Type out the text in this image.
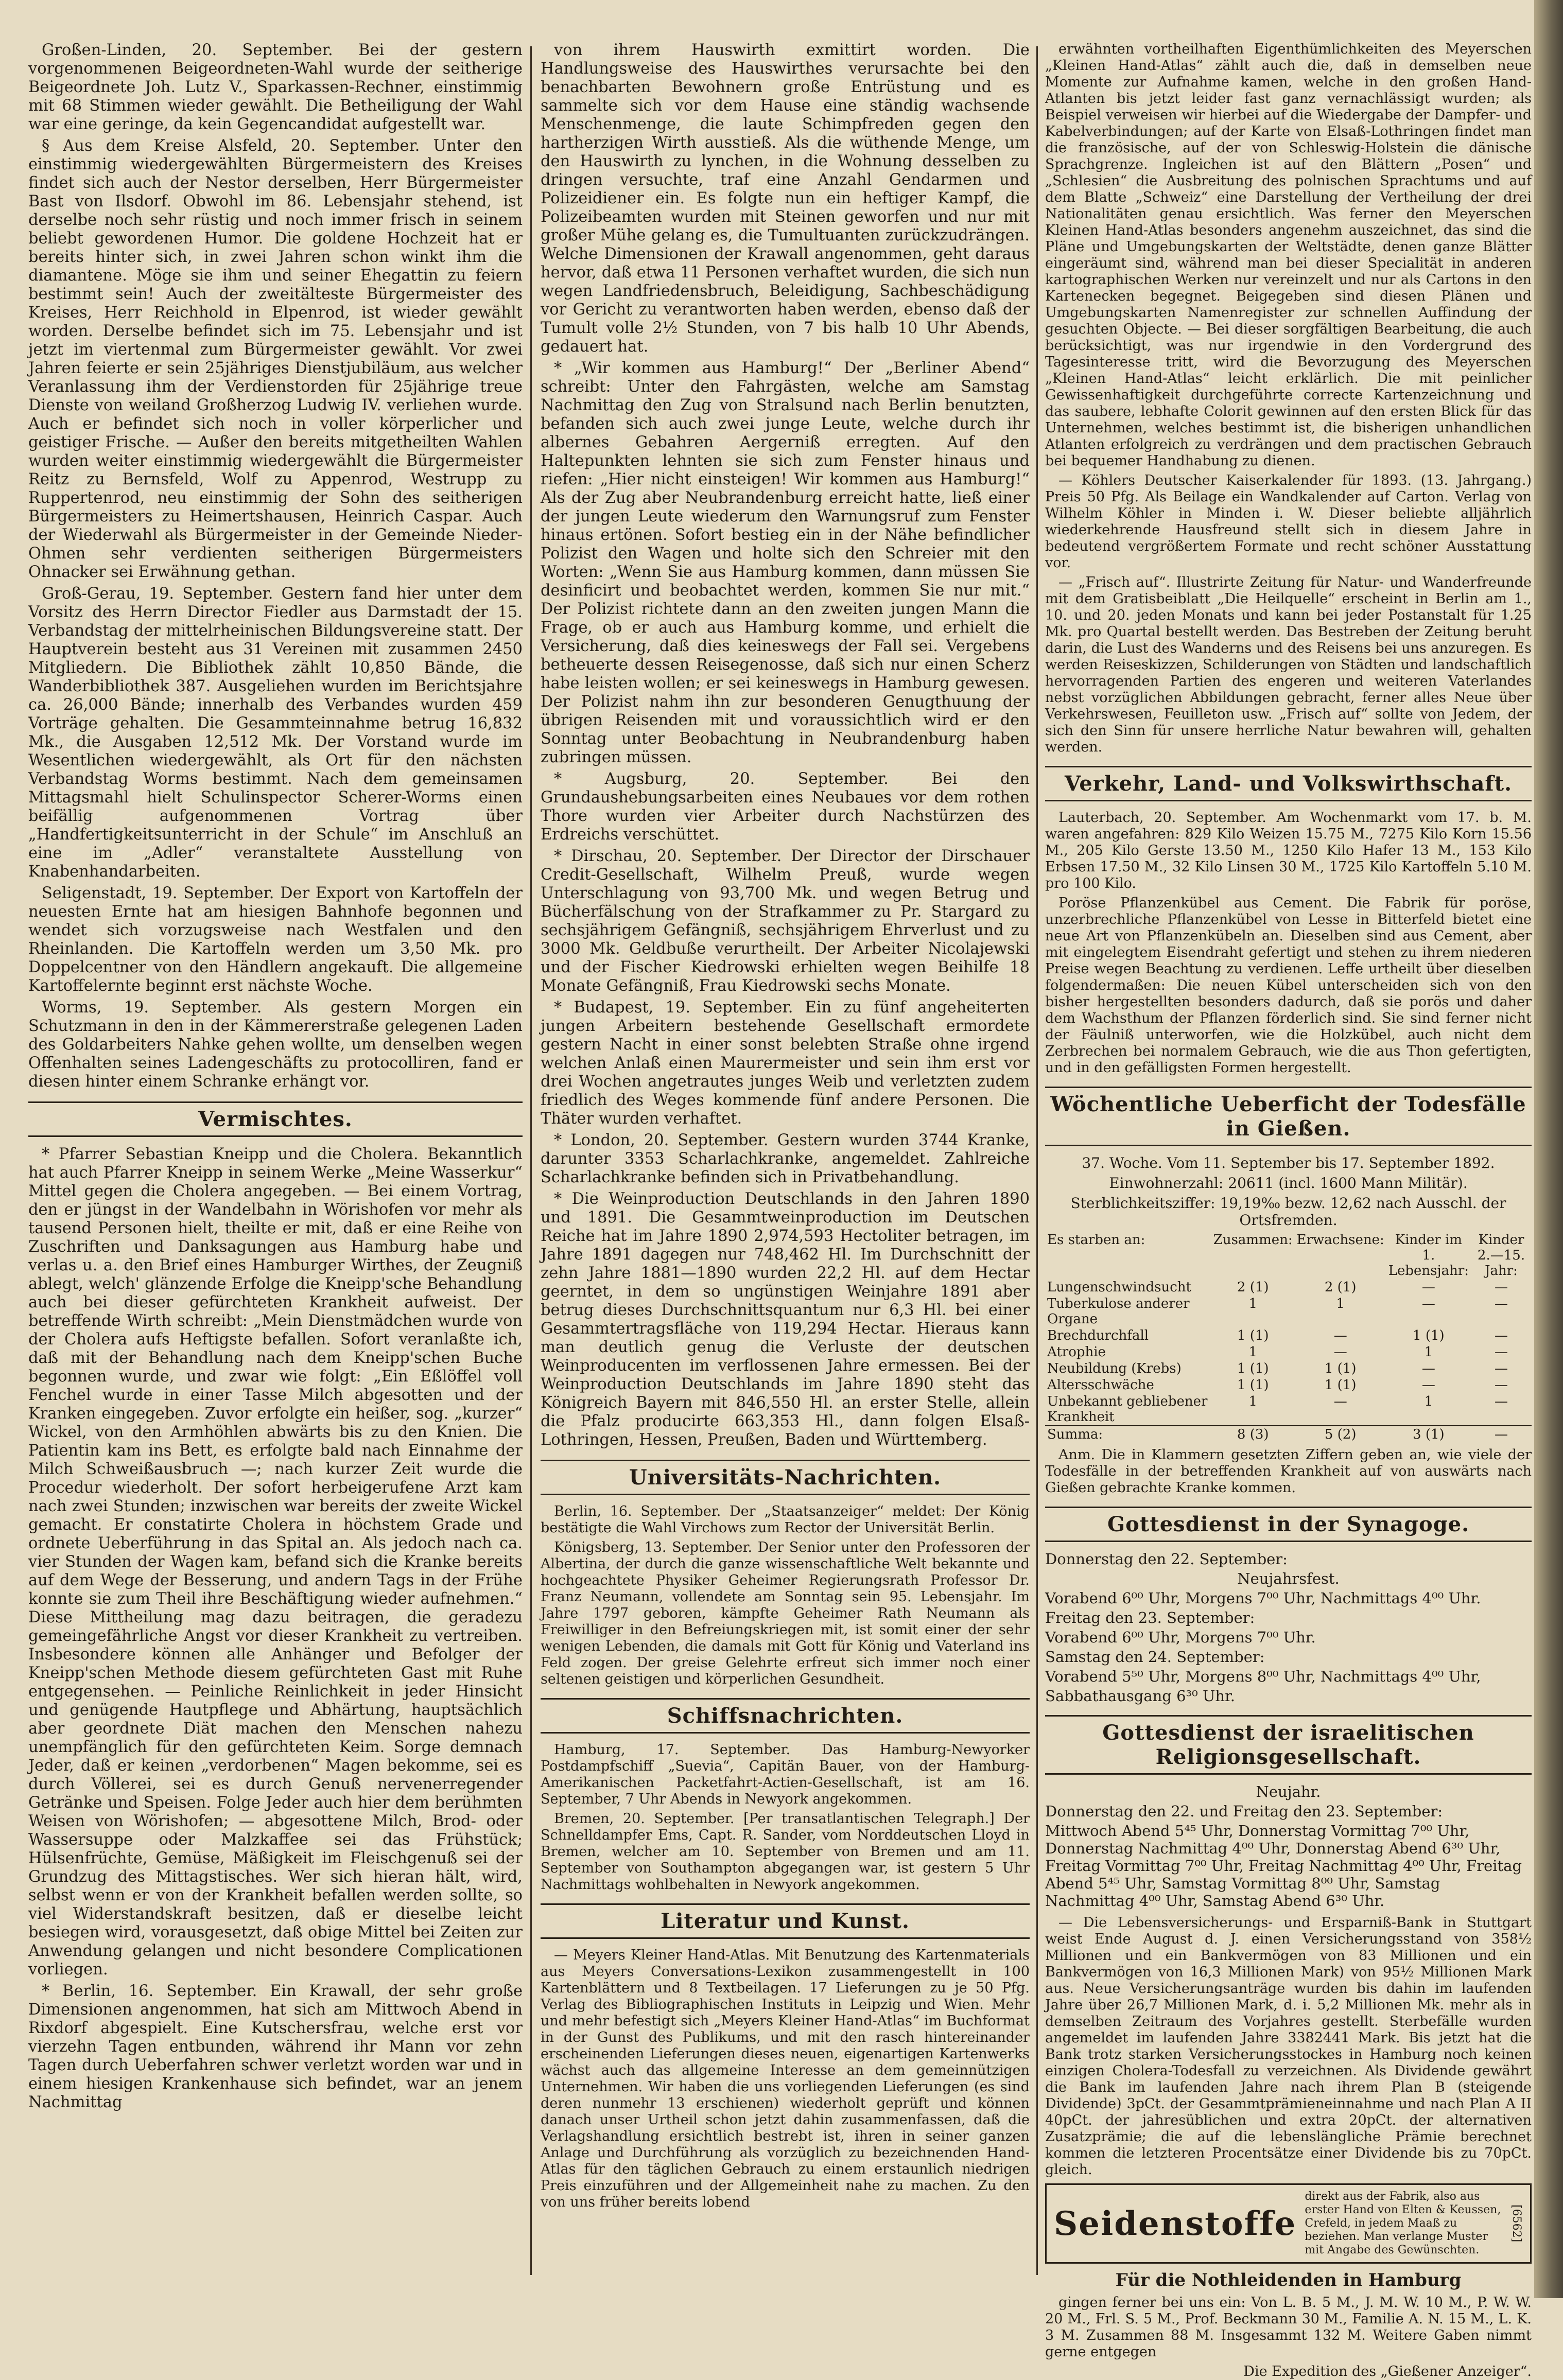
Großen-Linden, 20. September. Bei der gestern vorgenommenen Beigeordneten-Wahl wurde der seitherige Beigeordnete Joh. Lutz V., Sparkassen-Rechner, einstimmig mit 68 Stimmen wieder gewählt. Die Betheiligung der Wahl war eine geringe, da kein Gegencandidat aufgestellt war.

§ Aus dem Kreise Alsfeld, 20. September. Unter den einstimmig wiedergewählten Bürgermeistern des Kreises findet sich auch der Nestor derselben, Herr Bürgermeister Bast von Ilsdorf. Obwohl im 86. Lebensjahr stehend, ist derselbe noch sehr rüstig und noch immer frisch in seinem beliebt gewordenen Humor. Die goldene Hochzeit hat er bereits hinter sich, in zwei Jahren schon winkt ihm die diamantene. Möge sie ihm und seiner Ehegattin zu feiern bestimmt sein! Auch der zweitälteste Bürgermeister des Kreises, Herr Reichhold in Elpenrod, ist wieder gewählt worden. Derselbe befindet sich im 75. Lebensjahr und ist jetzt im viertenmal zum Bürgermeister gewählt. Vor zwei Jahren feierte er sein 25jähriges Dienstjubiläum, aus welcher Veranlassung ihm der Verdienstorden für 25jährige treue Dienste von weiland Großherzog Ludwig IV. verliehen wurde. Auch er befindet sich noch in voller körperlicher und geistiger Frische. — Außer den bereits mitgetheilten Wahlen wurden weiter einstimmig wiedergewählt die Bürgermeister Reitz zu Bernsfeld, Wolf zu Appenrod, Westrupp zu Ruppertenrod, neu einstimmig der Sohn des seitherigen Bürgermeisters zu Heimertshausen, Heinrich Caspar. Auch der Wiederwahl als Bürgermeister in der Gemeinde Nieder-Ohmen sehr verdienten seitherigen Bürgermeisters Ohnacker sei Erwähnung gethan.

Groß-Gerau, 19. September. Gestern fand hier unter dem Vorsitz des Herrn Director Fiedler aus Darmstadt der 15. Verbandstag der mittelrheinischen Bildungsvereine statt. Der Hauptverein besteht aus 31 Vereinen mit zusammen 2450 Mitgliedern. Die Bibliothek zählt 10,850 Bände, die Wanderbibliothek 387. Ausgeliehen wurden im Berichtsjahre ca. 26,000 Bände; innerhalb des Verbandes wurden 459 Vorträge gehalten. Die Gesammteinnahme betrug 16,832 Mk., die Ausgaben 12,512 Mk. Der Vorstand wurde im Wesentlichen wiedergewählt, als Ort für den nächsten Verbandstag Worms bestimmt. Nach dem gemeinsamen Mittagsmahl hielt Schulinspector Scherer-Worms einen beifällig aufgenommenen Vortrag über „Handfertigkeitsunterricht in der Schule“ im Anschluß an eine im „Adler“ veranstaltete Ausstellung von Knabenhandarbeiten.

Seligenstadt, 19. September. Der Export von Kartoffeln der neuesten Ernte hat am hiesigen Bahnhofe begonnen und wendet sich vorzugsweise nach Westfalen und den Rheinlanden. Die Kartoffeln werden um 3,50 Mk. pro Doppelcentner von den Händlern angekauft. Die allgemeine Kartoffelernte beginnt erst nächste Woche.

Worms, 19. September. Als gestern Morgen ein Schutzmann in den in der Kämmererstraße gelegenen Laden des Goldarbeiters Nahke gehen wollte, um denselben wegen Offenhalten seines Ladengeschäfts zu protocolliren, fand er diesen hinter einem Schranke erhängt vor.

Vermischtes.

* Pfarrer Sebastian Kneipp und die Cholera. Bekanntlich hat auch Pfarrer Kneipp in seinem Werke „Meine Wasserkur“ Mittel gegen die Cholera angegeben. — Bei einem Vortrag, den er jüngst in der Wandelbahn in Wörishofen vor mehr als tausend Personen hielt, theilte er mit, daß er eine Reihe von Zuschriften und Danksagungen aus Hamburg habe und verlas u. a. den Brief eines Hamburger Wirthes, der Zeugniß ablegt, welch' glänzende Erfolge die Kneipp'sche Behandlung auch bei dieser gefürchteten Krankheit aufweist. Der betreffende Wirth schreibt: „Mein Dienstmädchen wurde von der Cholera aufs Heftigste befallen. Sofort veranlaßte ich, daß mit der Behandlung nach dem Kneipp'schen Buche begonnen wurde, und zwar wie folgt: „Ein Eßlöffel voll Fenchel wurde in einer Tasse Milch abgesotten und der Kranken eingegeben. Zuvor erfolgte ein heißer, sog. „kurzer“ Wickel, von den Armhöhlen abwärts bis zu den Knien. Die Patientin kam ins Bett, es erfolgte bald nach Einnahme der Milch Schweißausbruch —; nach kurzer Zeit wurde die Procedur wiederholt. Der sofort herbeigerufene Arzt kam nach zwei Stunden; inzwischen war bereits der zweite Wickel gemacht. Er constatirte Cholera in höchstem Grade und ordnete Ueberführung in das Spital an. Als jedoch nach ca. vier Stunden der Wagen kam, befand sich die Kranke bereits auf dem Wege der Besserung, und andern Tags in der Frühe konnte sie zum Theil ihre Beschäftigung wieder aufnehmen.“ Diese Mittheilung mag dazu beitragen, die geradezu gemeingefährliche Angst vor dieser Krankheit zu vertreiben. Insbesondere können alle Anhänger und Befolger der Kneipp'schen Methode diesem gefürchteten Gast mit Ruhe entgegensehen. — Peinliche Reinlichkeit in jeder Hinsicht und genügende Hautpflege und Abhärtung, hauptsächlich aber geordnete Diät machen den Menschen nahezu unempfänglich für den gefürchteten Keim. Sorge demnach Jeder, daß er keinen „verdorbenen“ Magen bekomme, sei es durch Völlerei, sei es durch Genuß nervenerregender Getränke und Speisen. Folge Jeder auch hier dem berühmten Weisen von Wörishofen; — abgesottene Milch, Brod- oder Wassersuppe oder Malzkaffee sei das Frühstück; Hülsenfrüchte, Gemüse, Mäßigkeit im Fleischgenuß sei der Grundzug des Mittagstisches. Wer sich hieran hält, wird, selbst wenn er von der Krankheit befallen werden sollte, so viel Widerstandskraft besitzen, daß er dieselbe leicht besiegen wird, vorausgesetzt, daß obige Mittel bei Zeiten zur Anwendung gelangen und nicht besondere Complicationen vorliegen.

* Berlin, 16. September. Ein Krawall, der sehr große Dimensionen angenommen, hat sich am Mittwoch Abend in Rixdorf abgespielt. Eine Kutschersfrau, welche erst vor vierzehn Tagen entbunden, während ihr Mann vor zehn Tagen durch Ueberfahren schwer verletzt worden war und in einem hiesigen Krankenhause sich befindet, war an jenem Nachmittag

von ihrem Hauswirth exmittirt worden. Die Handlungsweise des Hauswirthes verursachte bei den benachbarten Bewohnern große Entrüstung und es sammelte sich vor dem Hause eine ständig wachsende Menschenmenge, die laute Schimpfreden gegen den hartherzigen Wirth ausstieß. Als die wüthende Menge, um den Hauswirth zu lynchen, in die Wohnung desselben zu dringen versuchte, traf eine Anzahl Gendarmen und Polizeidiener ein. Es folgte nun ein heftiger Kampf, die Polizeibeamten wurden mit Steinen geworfen und nur mit großer Mühe gelang es, die Tumultuanten zurückzudrängen. Welche Dimensionen der Krawall angenommen, geht daraus hervor, daß etwa 11 Personen verhaftet wurden, die sich nun wegen Landfriedensbruch, Beleidigung, Sachbeschädigung vor Gericht zu verantworten haben werden, ebenso daß der Tumult volle 2½ Stunden, von 7 bis halb 10 Uhr Abends, gedauert hat.

* „Wir kommen aus Hamburg!“ Der „Berliner Abend“ schreibt: Unter den Fahrgästen, welche am Samstag Nachmittag den Zug von Stralsund nach Berlin benutzten, befanden sich auch zwei junge Leute, welche durch ihr albernes Gebahren Aergerniß erregten. Auf den Haltepunkten lehnten sie sich zum Fenster hinaus und riefen: „Hier nicht einsteigen! Wir kommen aus Hamburg!“ Als der Zug aber Neubrandenburg erreicht hatte, ließ einer der jungen Leute wiederum den Warnungsruf zum Fenster hinaus ertönen. Sofort bestieg ein in der Nähe befindlicher Polizist den Wagen und holte sich den Schreier mit den Worten: „Wenn Sie aus Hamburg kommen, dann müssen Sie desinficirt und beobachtet werden, kommen Sie nur mit.“ Der Polizist richtete dann an den zweiten jungen Mann die Frage, ob er auch aus Hamburg komme, und erhielt die Versicherung, daß dies keineswegs der Fall sei. Vergebens betheuerte dessen Reisegenosse, daß sich nur einen Scherz habe leisten wollen; er sei keineswegs in Hamburg gewesen. Der Polizist nahm ihn zur besonderen Genugthuung der übrigen Reisenden mit und voraussichtlich wird er den Sonntag unter Beobachtung in Neubrandenburg haben zubringen müssen.

* Augsburg, 20. September. Bei den Grundaushebungsarbeiten eines Neubaues vor dem rothen Thore wurden vier Arbeiter durch Nachstürzen des Erdreichs verschüttet.

* Dirschau, 20. September. Der Director der Dirschauer Credit-Gesellschaft, Wilhelm Preuß, wurde wegen Unterschlagung von 93,700 Mk. und wegen Betrug und Bücherfälschung von der Strafkammer zu Pr. Stargard zu sechsjährigem Gefängniß, sechsjährigem Ehrverlust und zu 3000 Mk. Geldbuße verurtheilt. Der Arbeiter Nicolajewski und der Fischer Kiedrowski erhielten wegen Beihilfe 18 Monate Gefängniß, Frau Kiedrowski sechs Monate.

* Budapest, 19. September. Ein zu fünf angeheiterten jungen Arbeitern bestehende Gesellschaft ermordete gestern Nacht in einer sonst belebten Straße ohne irgend welchen Anlaß einen Maurermeister und sein ihm erst vor drei Wochen angetrautes junges Weib und verletzten zudem friedlich des Weges kommende fünf andere Personen. Die Thäter wurden verhaftet.

* London, 20. September. Gestern wurden 3744 Kranke, darunter 3353 Scharlachkranke, angemeldet. Zahlreiche Scharlachkranke befinden sich in Privatbehandlung.

* Die Weinproduction Deutschlands in den Jahren 1890 und 1891. Die Gesammtweinproduction im Deutschen Reiche hat im Jahre 1890 2,974,593 Hectoliter betragen, im Jahre 1891 dagegen nur 748,462 Hl. Im Durchschnitt der zehn Jahre 1881—1890 wurden 22,2 Hl. auf dem Hectar geerntet, in dem so ungünstigen Weinjahre 1891 aber betrug dieses Durchschnittsquantum nur 6,3 Hl. bei einer Gesammtertragsfläche von 119,294 Hectar. Hieraus kann man deutlich genug die Verluste der deutschen Weinproducenten im verflossenen Jahre ermessen. Bei der Weinproduction Deutschlands im Jahre 1890 steht das Königreich Bayern mit 846,550 Hl. an erster Stelle, allein die Pfalz producirte 663,353 Hl., dann folgen Elsaß-Lothringen, Hessen, Preußen, Baden und Württemberg.

Universitäts-Nachrichten.

Berlin, 16. September. Der „Staatsanzeiger“ meldet: Der König bestätigte die Wahl Virchows zum Rector der Universität Berlin.

Königsberg, 13. September. Der Senior unter den Professoren der Albertina, der durch die ganze wissenschaftliche Welt bekannte und hochgeachtete Physiker Geheimer Regierungsrath Professor Dr. Franz Neumann, vollendete am Sonntag sein 95. Lebensjahr. Im Jahre 1797 geboren, kämpfte Geheimer Rath Neumann als Freiwilliger in den Befreiungskriegen mit, ist somit einer der sehr wenigen Lebenden, die damals mit Gott für König und Vaterland ins Feld zogen. Der greise Gelehrte erfreut sich immer noch einer seltenen geistigen und körperlichen Gesundheit.

Schiffsnachrichten.

Hamburg, 17. September. Das Hamburg-Newyorker Postdampfschiff „Suevia“, Capitän Bauer, von der Hamburg-Amerikanischen Packetfahrt-Actien-Gesellschaft, ist am 16. September, 7 Uhr Abends in Newyork angekommen.

Bremen, 20. September. [Per transatlantischen Telegraph.] Der Schnelldampfer Ems, Capt. R. Sander, vom Norddeutschen Lloyd in Bremen, welcher am 10. September von Bremen und am 11. September von Southampton abgegangen war, ist gestern 5 Uhr Nachmittags wohlbehalten in Newyork angekommen.

Literatur und Kunst.

— Meyers Kleiner Hand-Atlas. Mit Benutzung des Kartenmaterials aus Meyers Conversations-Lexikon zusammengestellt in 100 Kartenblättern und 8 Textbeilagen. 17 Lieferungen zu je 50 Pfg. Verlag des Bibliographischen Instituts in Leipzig und Wien. Mehr und mehr befestigt sich „Meyers Kleiner Hand-Atlas“ im Buchformat in der Gunst des Publikums, und mit den rasch hintereinander erscheinenden Lieferungen dieses neuen, eigenartigen Kartenwerks wächst auch das allgemeine Interesse an dem gemeinnützigen Unternehmen. Wir haben die uns vorliegenden Lieferungen (es sind deren nunmehr 13 erschienen) wiederholt geprüft und können danach unser Urtheil schon jetzt dahin zusammenfassen, daß die Verlagshandlung ersichtlich bestrebt ist, ihren in seiner ganzen Anlage und Durchführung als vorzüglich zu bezeichnenden Hand-Atlas für den täglichen Gebrauch zu einem erstaunlich niedrigen Preis einzuführen und der Allgemeinheit nahe zu machen. Zu den von uns früher bereits lobend

erwähnten vortheilhaften Eigenthümlichkeiten des Meyerschen „Kleinen Hand-Atlas“ zählt auch die, daß in demselben neue Momente zur Aufnahme kamen, welche in den großen Hand-Atlanten bis jetzt leider fast ganz vernachlässigt wurden; als Beispiel verweisen wir hierbei auf die Wiedergabe der Dampfer- und Kabelverbindungen; auf der Karte von Elsaß-Lothringen findet man die französische, auf der von Schleswig-Holstein die dänische Sprachgrenze. Ingleichen ist auf den Blättern „Posen“ und „Schlesien“ die Ausbreitung des polnischen Sprachtums und auf dem Blatte „Schweiz“ eine Darstellung der Vertheilung der drei Nationalitäten genau ersichtlich. Was ferner den Meyerschen Kleinen Hand-Atlas besonders angenehm auszeichnet, das sind die Pläne und Umgebungskarten der Weltstädte, denen ganze Blätter eingeräumt sind, während man bei dieser Specialität in anderen kartographischen Werken nur vereinzelt und nur als Cartons in den Kartenecken begegnet. Beigegeben sind diesen Plänen und Umgebungskarten Namenregister zur schnellen Auffindung der gesuchten Objecte. — Bei dieser sorgfältigen Bearbeitung, die auch berücksichtigt, was nur irgendwie in den Vordergrund des Tagesinteresse tritt, wird die Bevorzugung des Meyerschen „Kleinen Hand-Atlas“ leicht erklärlich. Die mit peinlicher Gewissenhaftigkeit durchgeführte correcte Kartenzeichnung und das saubere, lebhafte Colorit gewinnen auf den ersten Blick für das Unternehmen, welches bestimmt ist, die bisherigen unhandlichen Atlanten erfolgreich zu verdrängen und dem practischen Gebrauch bei bequemer Handhabung zu dienen.

— Köhlers Deutscher Kaiserkalender für 1893. (13. Jahrgang.) Preis 50 Pfg. Als Beilage ein Wandkalender auf Carton. Verlag von Wilhelm Köhler in Minden i. W. Dieser beliebte alljährlich wiederkehrende Hausfreund stellt sich in diesem Jahre in bedeutend vergrößertem Formate und recht schöner Ausstattung vor.

— „Frisch auf“. Illustrirte Zeitung für Natur- und Wanderfreunde mit dem Gratisbeiblatt „Die Heilquelle“ erscheint in Berlin am 1., 10. und 20. jeden Monats und kann bei jeder Postanstalt für 1.25 Mk. pro Quartal bestellt werden. Das Bestreben der Zeitung beruht darin, die Lust des Wanderns und des Reisens bei uns anzuregen. Es werden Reiseskizzen, Schilderungen von Städten und landschaftlich hervorragenden Partien des engeren und weiteren Vaterlandes nebst vorzüglichen Abbildungen gebracht, ferner alles Neue über Verkehrswesen, Feuilleton usw. „Frisch auf“ sollte von Jedem, der sich den Sinn für unsere herrliche Natur bewahren will, gehalten werden.

Verkehr, Land- und Volkswirthschaft.

Lauterbach, 20. September. Am Wochenmarkt vom 17. b. M. waren angefahren: 829 Kilo Weizen 15.75 M., 7275 Kilo Korn 15.56 M., 205 Kilo Gerste 13.50 M., 1250 Kilo Hafer 13 M., 153 Kilo Erbsen 17.50 M., 32 Kilo Linsen 30 M., 1725 Kilo Kartoffeln 5.10 M. pro 100 Kilo.

Poröse Pflanzenkübel aus Cement. Die Fabrik für poröse, unzerbrechliche Pflanzenkübel von Lesse in Bitterfeld bietet eine neue Art von Pflanzenkübeln an. Dieselben sind aus Cement, aber mit eingelegtem Eisendraht gefertigt und stehen zu ihrem niederen Preise wegen Beachtung zu verdienen. Leffe urtheilt über dieselben folgendermaßen: Die neuen Kübel unterscheiden sich von den bisher hergestellten besonders dadurch, daß sie porös und daher dem Wachsthum der Pflanzen förderlich sind. Sie sind ferner nicht der Fäulniß unterworfen, wie die Holzkübel, auch nicht dem Zerbrechen bei normalem Gebrauch, wie die aus Thon gefertigten, und in den gefälligsten Formen hergestellt.

Wöchentliche Ueberficht der Todesfälle in Gießen.
37. Woche. Vom 11. September bis 17. September 1892.
Einwohnerzahl: 20611 (incl. 1600 Mann Militär).
Sterblichkeitsziffer: 19,19‰ bezw. 12,62 nach Ausschl. der Ortsfremden.
Es starben an:	Zusammen:	Erwachsene:	Kinder im 1. Lebensjahr:	Kinder 2.—15. Jahr:
Lungenschwindsucht	2 (1)	2 (1)	—	—
Tuberkulose anderer Organe	1	1	—	—
Brechdurchfall	1 (1)	—	1 (1)	—
Atrophie	1	—	1	—
Neubildung (Krebs)	1 (1)	1 (1)	—	—
Altersschwäche	1 (1)	1 (1)	—	—
Unbekannt gebliebener Krankheit	1	—	1	—
Summa:	8 (3)	5 (2)	3 (1)	—

Anm. Die in Klammern gesetzten Ziffern geben an, wie viele der Todesfälle in der betreffenden Krankheit auf von auswärts nach Gießen gebrachte Kranke kommen.

Gottesdienst in der Synagoge.
Donnerstag den 22. September:
Neujahrsfest.
Vorabend 6⁰⁰ Uhr, Morgens 7⁰⁰ Uhr, Nachmittags 4⁰⁰ Uhr.
Freitag den 23. September:
Vorabend 6⁰⁰ Uhr, Morgens 7⁰⁰ Uhr.
Samstag den 24. September:
Vorabend 5⁵⁰ Uhr, Morgens 8⁰⁰ Uhr, Nachmittags 4⁰⁰ Uhr,
Sabbathausgang 6³⁰ Uhr.
Gottesdienst der israelitischen Religionsgesellschaft.
Neujahr.
Donnerstag den 22. und Freitag den 23. September:
Mittwoch Abend 5⁴⁵ Uhr, Donnerstag Vormittag 7⁰⁰ Uhr, Donnerstag Nachmittag 4⁰⁰ Uhr, Donnerstag Abend 6³⁰ Uhr, Freitag Vormittag 7⁰⁰ Uhr, Freitag Nachmittag 4⁰⁰ Uhr, Freitag Abend 5⁴⁵ Uhr, Samstag Vormittag 8⁰⁰ Uhr, Samstag Nachmittag 4⁰⁰ Uhr, Samstag Abend 6³⁰ Uhr.

— Die Lebensversicherungs- und Ersparniß-Bank in Stuttgart weist Ende August d. J. einen Versicherungsstand von 358½ Millionen und ein Bankvermögen von 83 Millionen und ein Bankvermögen von 16,3 Millionen Mark) von 95½ Millionen Mark aus. Neue Versicherungsanträge wurden bis dahin im laufenden Jahre über 26,7 Millionen Mark, d. i. 5,2 Millionen Mk. mehr als in demselben Zeitraum des Vorjahres gestellt. Sterbefälle wurden angemeldet im laufenden Jahre 3382441 Mark. Bis jetzt hat die Bank trotz starken Versicherungsstockes in Hamburg noch keinen einzigen Cholera-Todesfall zu verzeichnen. Als Dividende gewährt die Bank im laufenden Jahre nach ihrem Plan B (steigende Dividende) 3pCt. der Gesammtprämieneinnahme und nach Plan A II 40pCt. der jahresüblichen und extra 20pCt. der alternativen Zusatzprämie; die auf die lebenslängliche Prämie berechnet kommen die letzteren Procentsätze einer Dividende bis zu 70pCt. gleich.

Seidenstoffe
direkt aus der Fabrik, also aus erster Hand von Elten & Keussen, Crefeld, in jedem Maaß zu beziehen. Man verlange Muster mit Angabe des Gewünschten.
[6562]
Für die Nothleidenden in Hamburg

gingen ferner bei uns ein: Von L. B. 5 M., J. M. W. 10 M., P. W. W. 20 M., Frl. S. 5 M., Prof. Beckmann 30 M., Familie A. N. 15 M., L. K. 3 M. Zusammen 88 M. Insgesammt 132 M. Weitere Gaben nimmt gerne entgegen

Die Expedition des „Gießener Anzeiger“.
